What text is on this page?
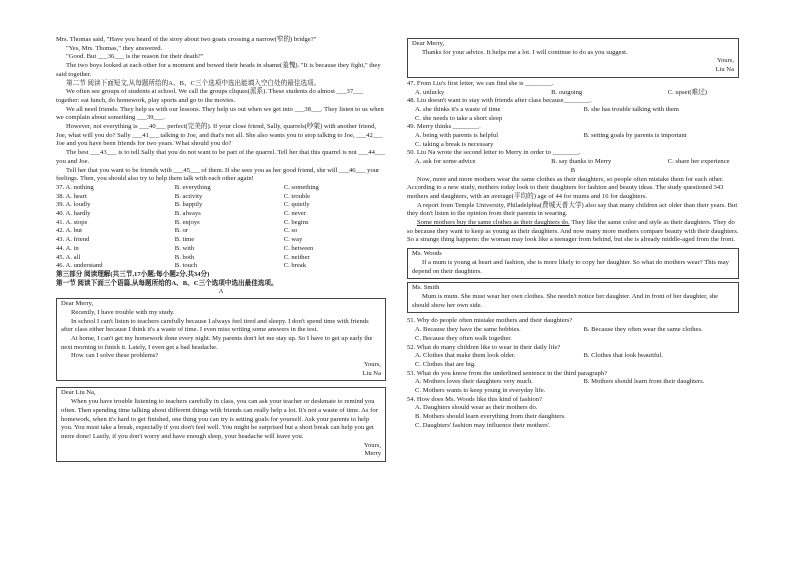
Mrs. Thomas said, "Have you heard of the story about two goats crossing a narrow(窄的) bridge?"

"Yes, Mrs. Thomas," they answered.

"Good. But ___36___ is the reason for their death?"

The two boys looked at each other for a moment and bowed their heads in shame(羞愧). "It is because they fight," they said together.

第二节 阅读下面短文,从每题所给的A、B、C三个选项中选出能填入空白处的最佳选项。

We often see groups of students at school. We call the groups cliques(派系). These students do almost ___37___ together: eat lunch, do homework, play sports and go to the movies.

We all need friends. They help us with our lessons. They help us out when we get into ___38___. They listen to us when we complain about something ___39___.

However, not everything is ___40___ perfect(完美的). If your close friend, Sally, quarrels(吵架) with another friend, Joe, what will you do? Sally ___41___ talking to Joe, and that's not all. She also wants you to stop talking to Joe, ___42___ Joe and you have been friends for two years. What should you do?

The best ___43___ is to tell Sally that you do not want to be part of the quarrel. Tell her that this quarrel is not ___44___ you and Joe.

Tell her that you want to be friends with ___45___ of them. If she sees you as her good friend, she will ___46___ your feelings. Then, you should also try to help them talk with each other again!

37. A. nothing	B. everything	C. something
38. A. heart	B. activity	C. trouble
39. A. loudly	B. happily	C. quietly
40. A. hardly	B. always	C. never
41. A. stops	B. enjoys	C. begins
42. A. but	B. or	C. so
43. A. friend	B. time	C. way
44. A. in	B. with	C. between
45. A. all	B. both	C. neither
46. A. understand	B. touch	C. break

第三部分 阅读理解(共三节,17小题;每小题2分,共34分)

第一节 阅读下面三个语篇,从每题所给的A、B、C三个选项中选出最佳选项。

A

Dear Merry,

Recently, I have trouble with my study.

In school I can't listen to teachers carefully because I always feel tired and sleepy. I don't spend time with friends after class either because I think it's a waste of time. I even miss writing some answers in the test.

At home, I can't get my homework done every night. My parents don't let me stay up. So I have to get up early the next morning to finish it. Lately, I even get a bad headache.

How can I solve these problems?

Yours,

Liu Na

Dear Liu Na,

When you have trouble listening to teachers carefully in class, you can ask your teacher or deskmate to remind you often. Then spending time talking about different things with friends can really help a lot. It's not a waste of time. As for homework, when it's hard to get finished, one thing you can try is setting goals for yourself. Ask your parents to help you. You must take a break, especially if you don't feel well. You might be surprised but a short break can help you get more done! Lastly, if you don't worry and have enough sleep, your headache will leave you.

Yours,

Merry

Dear Merry,

Thanks for your advice. It helps me a lot. I will continue to do as you suggest.

Yours,

Liu Na

47. From Liu's first letter, we can find she is ________.

A. unlucky	B. outgoing	C. upset(难过)

48. Liu doesn't want to stay with friends after class because________.

A. she thinks it's a waste of time	B. she has trouble talking with them
C. she needs to take a short sleep

49. Merry thinks ________.

A. being with parents is helpful	B. setting goals by parents is important
C. taking a break is necessary

50. Liu Na wrote the second letter to Merry in order to ________.

A. ask for some advice	B. say thanks to Merry	C. share her experience

B

Now, more and more mothers wear the same clothes as their daughters, so people often mistake them for each other. According to a new study, mothers today look to their daughters for fashion and beauty ideas. The study questioned 343 mothers and daughters, with an average(平均的) age of 44 for mums and 16 for daughters.

A report from Temple University, Philadelphia(费城天普大学) also say that many children act older than their years. But they don't listen to the opinion from their parents in wearing.

Some mothers buy the same clothes as their daughters do. They like the same color and style as their daughters. They do so because they want to keep as young as their daughters. And now many more mothers compare beauty with their daughters. So a strange thing happens: the woman may look like a teenager from behind, but she is already middle-aged from the front.

Ms. Woods

If a mum is young at heart and fashion, she is more likely to copy her daughter. So what do mothers wear? This may depend on their daughters.

Ms. Smith

Mum is mum. She must wear her own clothes. She needn't notice her daughter. And in front of her daughter, she should show her own side.

51. Why do people often mistake mothers and their daughters?

A. Because they have the same hobbies.	B. Because they often wear the same clothes.
C. Because they often walk together.

52. What do many children like to wear in their daily life?

A. Clothes that make them look older.	B. Clothes that look beautiful.
C. Clothes that are big.

53. What do you know from the underlined sentence in the third paragraph?

A. Mothers loves their daughters very much.	B. Mothers should learn from their daughters.
C. Mothers wants to keep young in everyday life.

54. How does Ms. Woods like this kind of fashion?

A. Daughters should wear as their mothers do.

B. Mothers should learn everything from their daughters.

C. Daughters' fashion may influence their mothers'.
